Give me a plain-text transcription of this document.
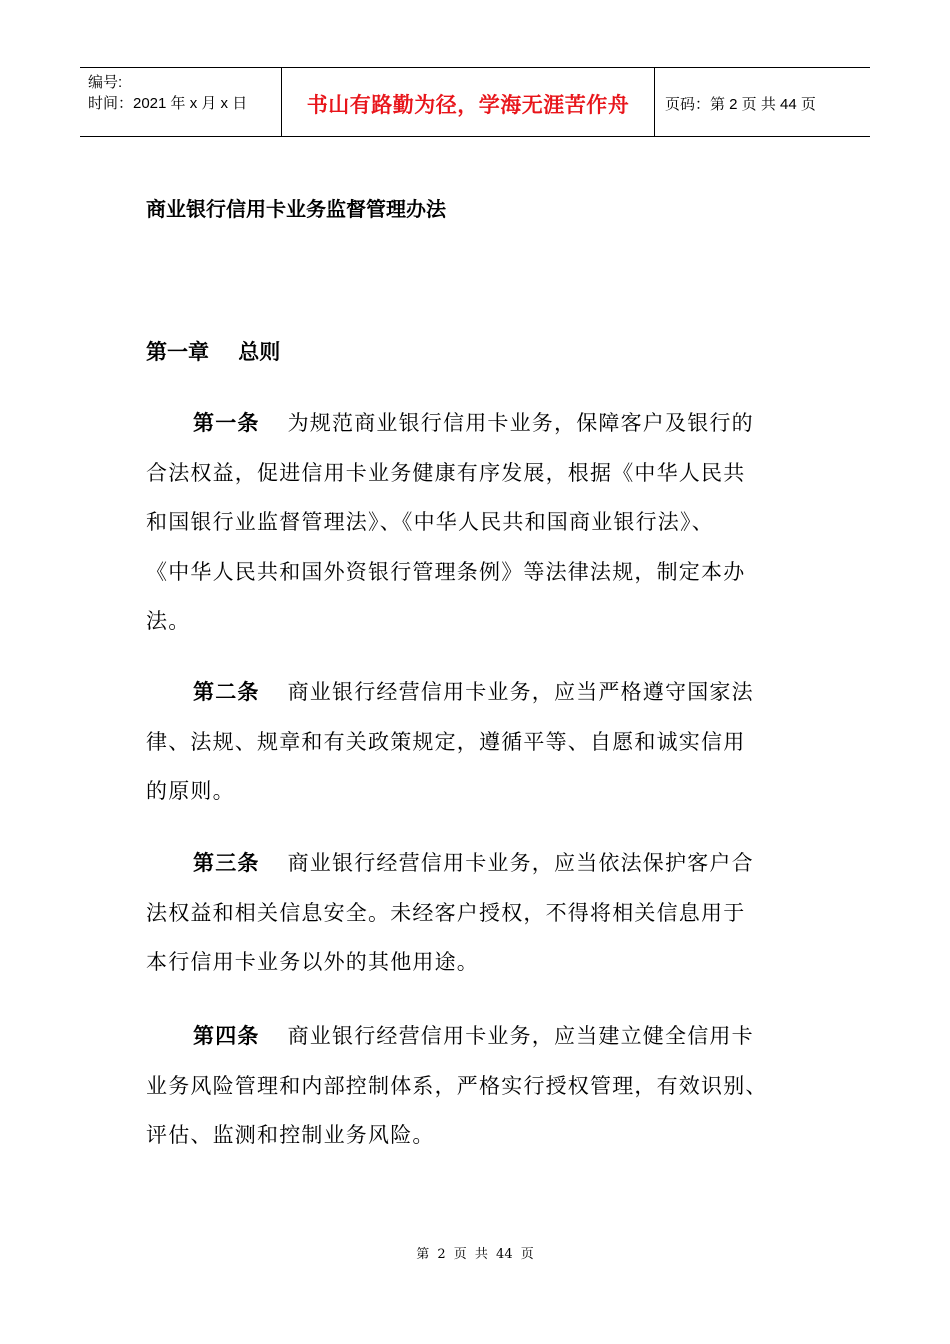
编号:
时间：2021 年 x 月 x 日	书山有路勤为径，学海无涯苦作舟 页码：第 2 页 共 44 页
商业银行信用卡业务监督管理办法
第一章    总则
第一条 为规范商业银行信用卡业务，保障客户及银行的
合法权益，促进信用卡业务健康有序发展，根据《中华人民共
和国银行业监督管理法》、《中华人民共和国商业银行法》、
《中华人民共和国外资银行管理条例》等法律法规，制定本办
法。
第二条 商业银行经营信用卡业务，应当严格遵守国家法
律、法规、规章和有关政策规定，遵循平等、自愿和诚实信用
的原则。
第三条 商业银行经营信用卡业务，应当依法保护客户合
法权益和相关信息安全。未经客户授权，不得将相关信息用于
本行信用卡业务以外的其他用途。
第四条 商业银行经营信用卡业务，应当建立健全信用卡
业务风险管理和内部控制体系，严格实行授权管理，有效识别、
评估、监测和控制业务风险。
第 2 页 共 44 页
